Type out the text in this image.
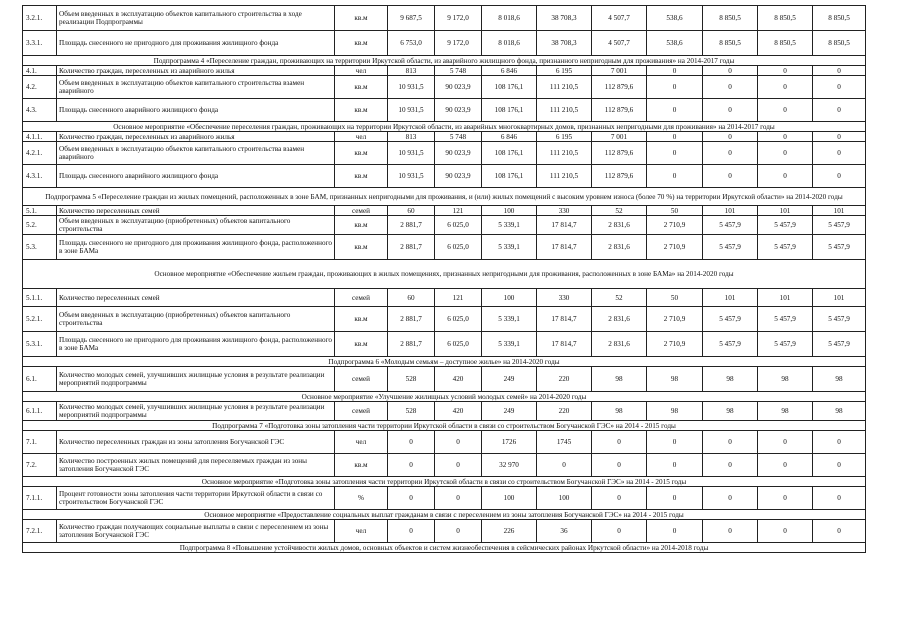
3.2.1.	Объем введенных в эксплуатацию объектов капитального строительства в ходе реализации Подпрограммы	кв.м	9 687,5	9 172,0	8 018,6	38 708,3	4 507,7	538,6	8 850,5	8 850,5	8 850,5
3.3.1.	Площадь снесенного не пригодного для проживания жилищного фонда	кв.м	6 753,0	9 172,0	8 018,6	38 708,3	4 507,7	538,6	8 850,5	8 850,5	8 850,5
Подпрограмма 4 «Переселение граждан, проживающих на территории Иркутской области, из аварийного жилищного фонда, признанного непригодным для проживания» на 2014-2017 годы											
4.1.	Количество граждан, переселенных из аварийного жилья	чел	813	5 748	6 846	6 195	7 001	0	0	0	0
4.2.	Объем введенных в эксплуатацию объектов капитального строительства взамен аварийного	кв.м	10 931,5	90 023,9	108 176,1	111 210,5	112 879,6	0	0	0	0
4.3.	Площадь снесенного аварийного жилищного фонда	кв.м	10 931,5	90 023,9	108 176,1	111 210,5	112 879,6	0	0	0	0
Основное мероприятие «Обеспечение переселения граждан, проживающих на территории Иркутской области, из аварийных многоквартирных домов, признанных непригодными для проживания» на 2014-2017 годы											
4.1.1.	Количество граждан, переселенных из аварийного жилья	чел	813	5 748	6 846	6 195	7 001	0	0	0	0
4.2.1.	Объем введенных в эксплуатацию объектов капитального строительства взамен аварийного	кв.м	10 931,5	90 023,9	108 176,1	111 210,5	112 879,6	0	0	0	0
4.3.1.	Площадь снесенного аварийного жилищного фонда	кв.м	10 931,5	90 023,9	108 176,1	111 210,5	112 879,6	0	0	0	0
Подпрограмма 5 «Переселение граждан из жилых помещений, расположенных в зоне БАМ, признанных непригодными для проживания, и (или) жилых помещений с высоким уровнем износа (более 70 %) на территории Иркутской области» на 2014-2020 годы											
5.1.	Количество переселенных семей	семей	60	121	100	330	52	50	101	101	101
5.2.	Объем введенных в эксплуатацию (приобретенных) объектов капитального строительства	кв.м	2 881,7	6 025,0	5 339,1	17 814,7	2 831,6	2 710,9	5 457,9	5 457,9	5 457,9
5.3.	Площадь снесенного не пригодного для проживания жилищного фонда, расположенного в зоне БАМа	кв.м	2 881,7	6 025,0	5 339,1	17 814,7	2 831,6	2 710,9	5 457,9	5 457,9	5 457,9
Основное мероприятие «Обеспечение жильем граждан, проживающих в жилых помещениях, признанных непригодными для проживания, расположенных в зоне БАМа» на 2014-2020 годы											
5.1.1.	Количество переселенных семей	семей	60	121	100	330	52	50	101	101	101
5.2.1.	Объем введенных в эксплуатацию (приобретенных) объектов капитального строительства	кв.м	2 881,7	6 025,0	5 339,1	17 814,7	2 831,6	2 710,9	5 457,9	5 457,9	5 457,9
5.3.1.	Площадь снесенного не пригодного для проживания жилищного фонда, расположенного в зоне БАМа	кв.м	2 881,7	6 025,0	5 339,1	17 814,7	2 831,6	2 710,9	5 457,9	5 457,9	5 457,9
Подпрограмма 6 «Молодым семьям – доступное жилье» на 2014-2020 годы											
6.1.	Количество молодых семей, улучшивших жилищные условия в результате реализации мероприятий подпрограммы	семей	528	420	249	220	98	98	98	98	98
Основное мероприятие «Улучшение жилищных условий молодых семей» на 2014-2020 годы											
6.1.1.	Количество молодых семей, улучшивших жилищные условия в результате реализации мероприятий подпрограммы	семей	528	420	249	220	98	98	98	98	98
Подпрограмма 7 «Подготовка зоны затопления части территории Иркутской области в связи со строительством Богучанской ГЭС» на 2014 - 2015 годы											
7.1.	Количество переселенных граждан из зоны затопления Богучанской ГЭС	чел	0	0	1726	1745	0	0	0	0	0
7.2.	Количество построенных жилых помещений для переселяемых граждан из зоны затопления Богучанской ГЭС	кв.м	0	0	32 970	0	0	0	0	0	0
Основное мероприятие «Подготовка зоны затопления части территории Иркутской области в связи со строительством Богучанской ГЭС» на 2014 - 2015 годы											
7.1.1.	Процент готовности зоны затопления части территории Иркутской области в связи со строительством Богучанской ГЭС	%	0	0	100	100	0	0	0	0	0
Основное мероприятие «Предоставление социальных выплат гражданам в связи с переселением из зоны затопления Богучанской ГЭС» на 2014 - 2015 годы											
7.2.1.	Количество граждан получающих социальные выплаты в связи с переселением из зоны затопления Богучанской ГЭС	чел	0	0	226	36	0	0	0	0	0
Подпрограмма 8 «Повышение устойчивости жилых домов, основных объектов и систем жизнеобеспечения в сейсмических районах Иркутской области» на 2014-2018 годы											
